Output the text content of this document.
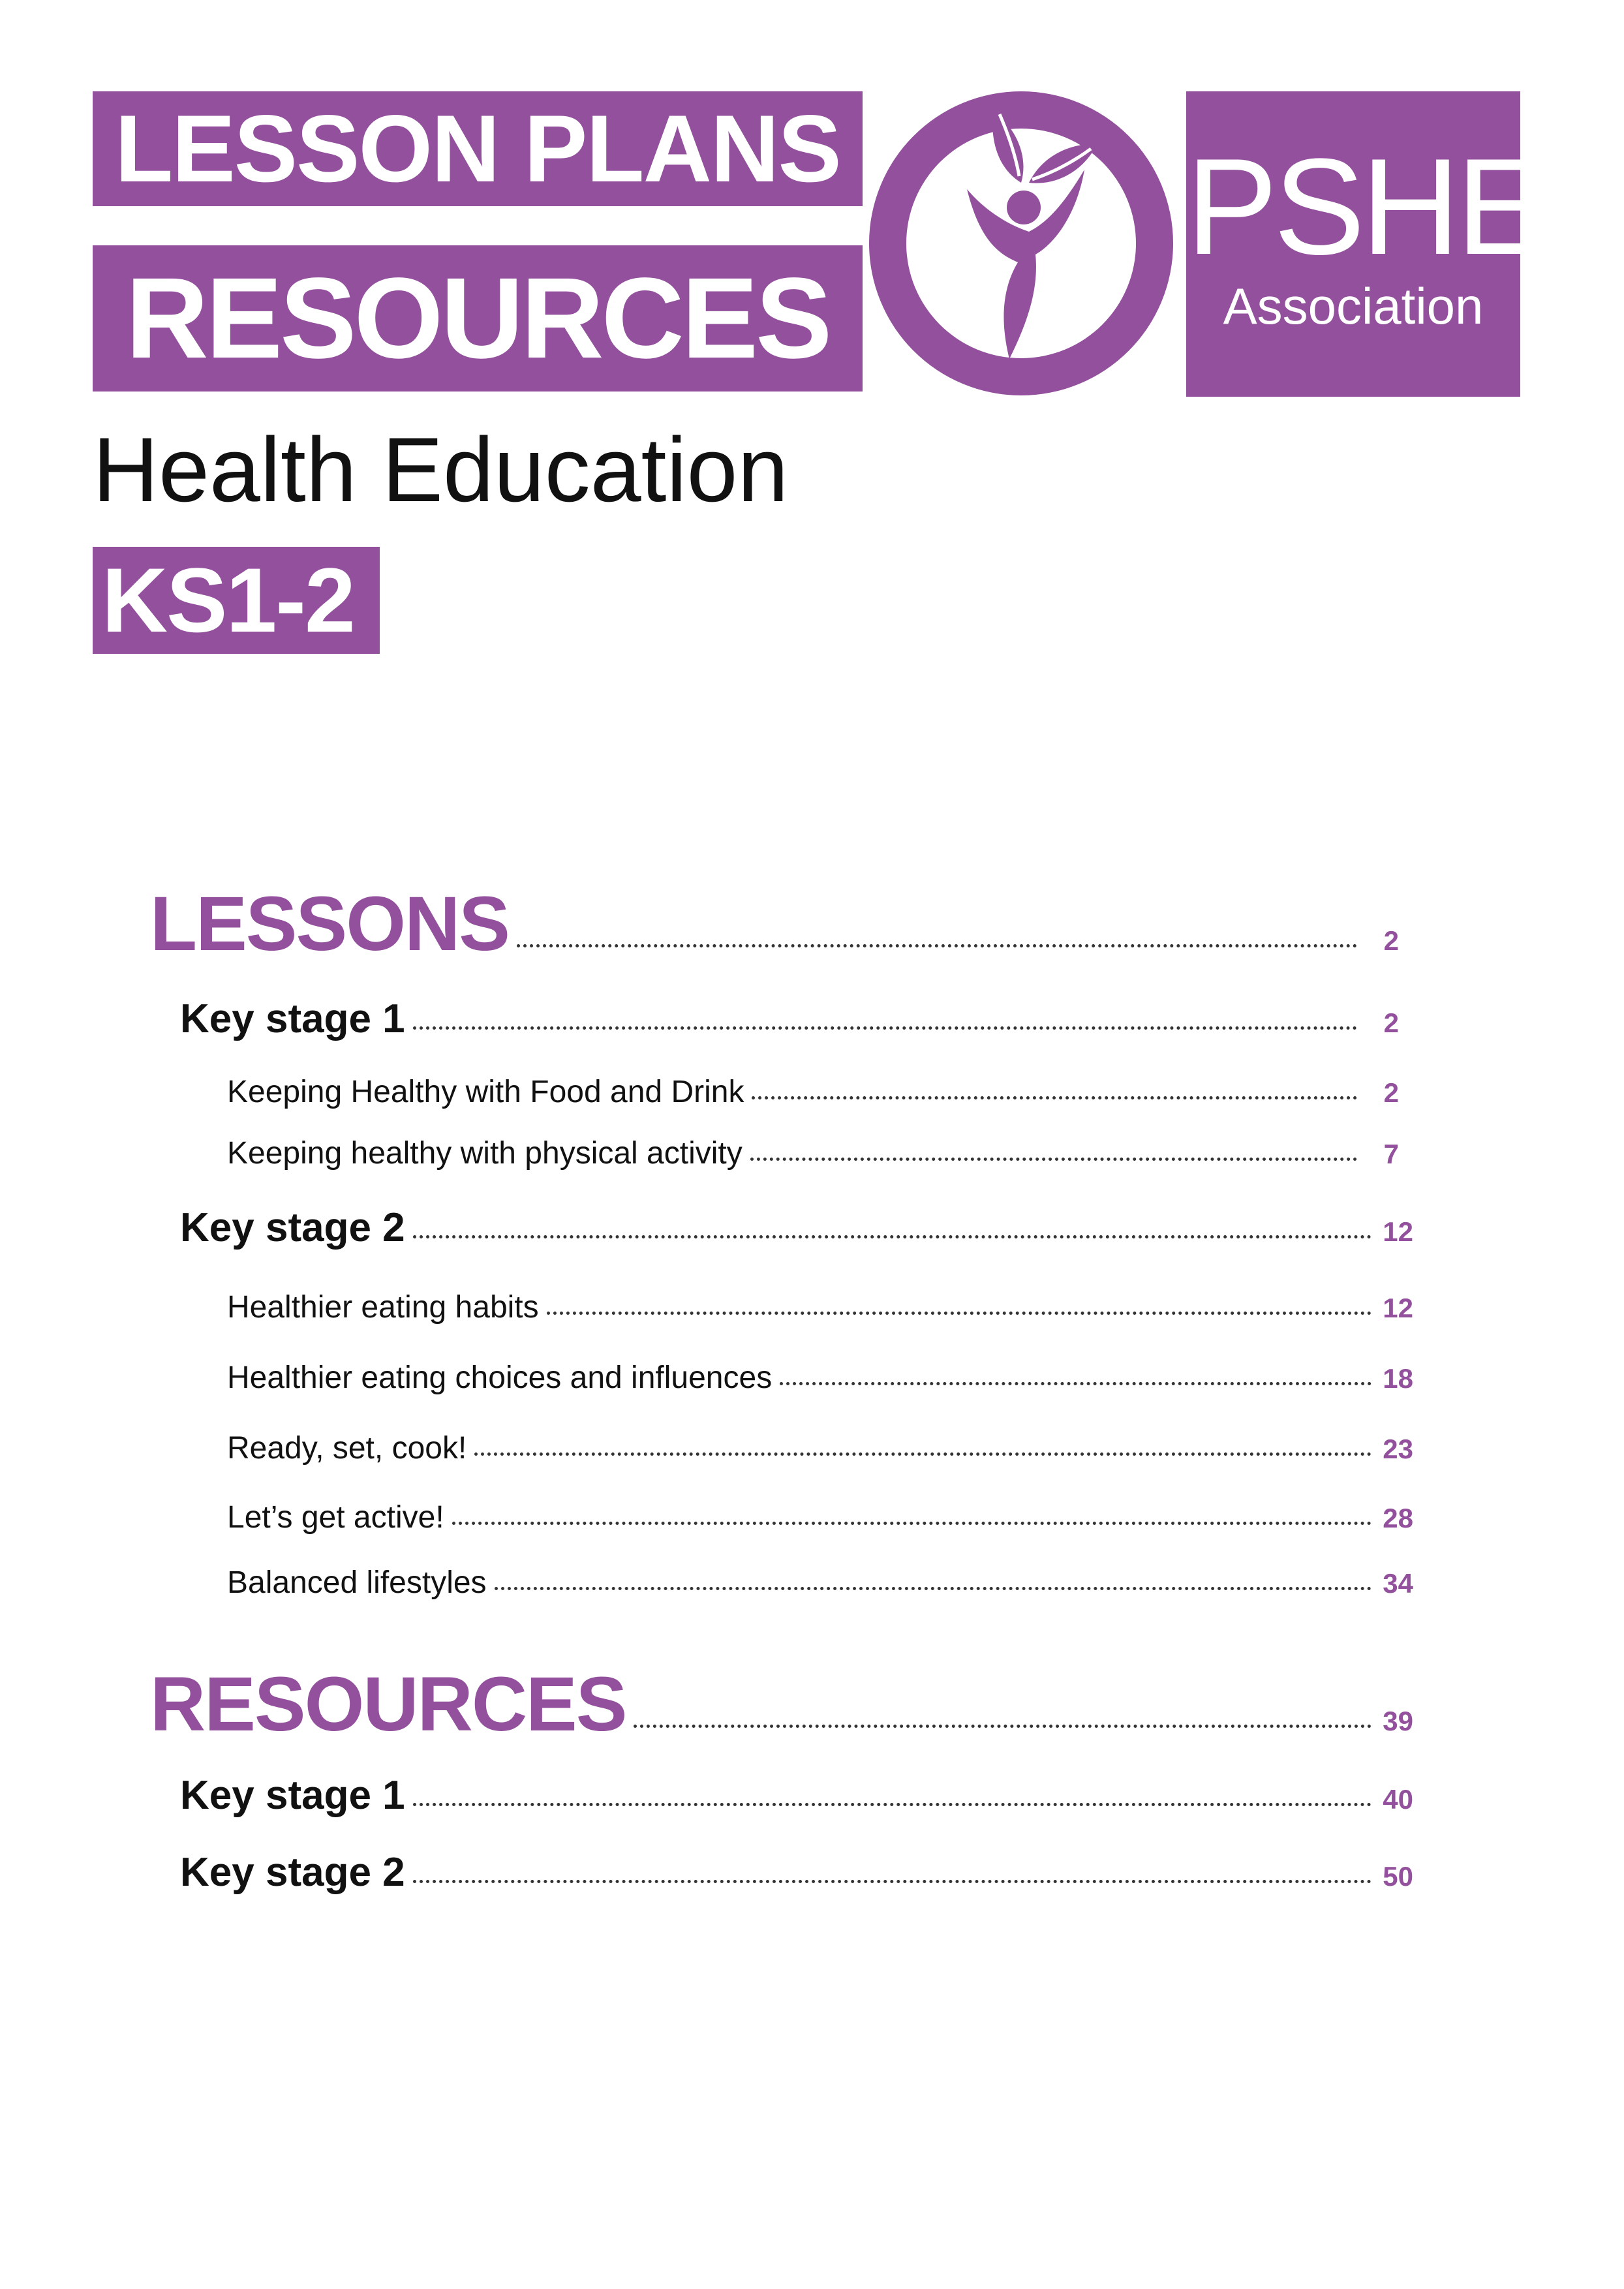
LESSON PLANS
RESOURCES
PSHE
Association
Health Education
KS1-2
LESSONS	2
Key stage 1	2
Keeping Healthy with Food and Drink	2
Keeping healthy with physical activity	7
Key stage 2	12
Healthier eating habits	12
Healthier eating choices and influences	18
Ready, set, cook!	23
Let’s get active!	28
Balanced lifestyles	34
RESOURCES	39
Key stage 1	40
Key stage 2	50
